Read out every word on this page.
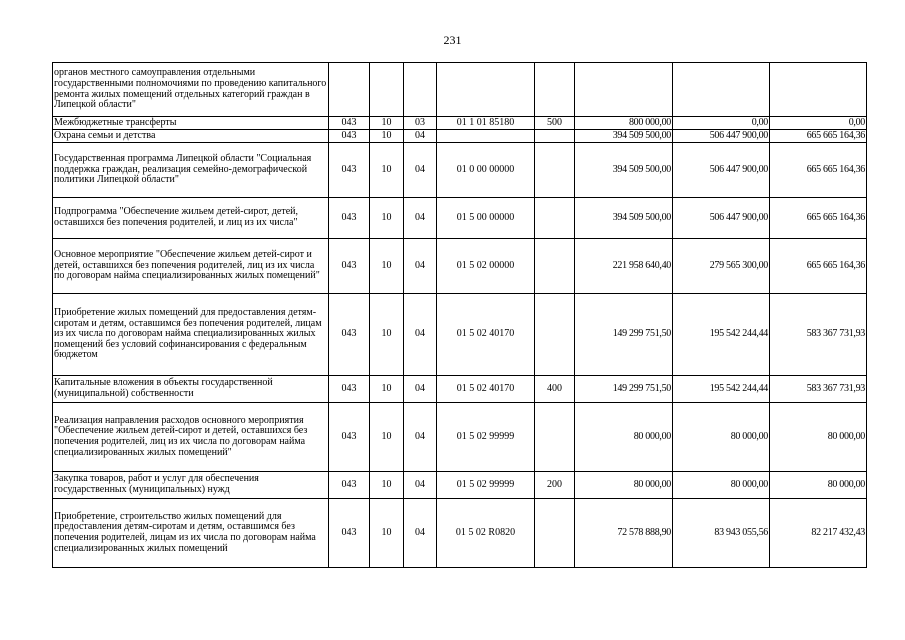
231
органов местного самоуправления отдельными государственными полномочиями по проведению капитального ремонта жилых помещений отдельных категорий граждан в Липецкой области"								
Межбюджетные трансферты	043	10	03	01 1 01 85180	500	800 000,00	0,00	0,00
Охрана семьи и детства	043	10	04			394 509 500,00	506 447 900,00	665 665 164,36
Государственная программа Липецкой области "Социальная поддержка граждан, реализация семейно-демографической политики Липецкой области"	043	10	04	01 0 00 00000		394 509 500,00	506 447 900,00	665 665 164,36
Подпрограмма "Обеспечение жильем детей-сирот, детей, оставшихся без попечения родителей, и лиц из их числа"	043	10	04	01 5 00 00000		394 509 500,00	506 447 900,00	665 665 164,36
Основное мероприятие "Обеспечение жильем детей-сирот и детей, оставшихся без попечения родителей, лиц из их числа по договорам найма специализированных жилых помещений"	043	10	04	01 5 02 00000		221 958 640,40	279 565 300,00	665 665 164,36
Приобретение жилых помещений для предоставления детям-сиротам и детям, оставшимся без попечения родителей, лицам из их числа по договорам найма специализированных жилых помещений без условий софинансирования с федеральным бюджетом	043	10	04	01 5 02 40170		149 299 751,50	195 542 244,44	583 367 731,93
Капитальные вложения в объекты государственной (муниципальной) собственности	043	10	04	01 5 02 40170	400	149 299 751,50	195 542 244,44	583 367 731,93
Реализация направления расходов основного мероприятия "Обеспечение жильем детей-сирот и детей, оставшихся без попечения родителей, лиц из их числа по договорам найма специализированных жилых помещений"	043	10	04	01 5 02 99999		80 000,00	80 000,00	80 000,00
Закупка товаров, работ и услуг для обеспечения государственных (муниципальных) нужд	043	10	04	01 5 02 99999	200	80 000,00	80 000,00	80 000,00
Приобретение, строительство жилых помещений для предоставления детям-сиротам и детям, оставшимся без попечения родителей, лицам из их числа по договорам найма специализированных жилых помещений	043	10	04	01 5 02 R0820		72 578 888,90	83 943 055,56	82 217 432,43
